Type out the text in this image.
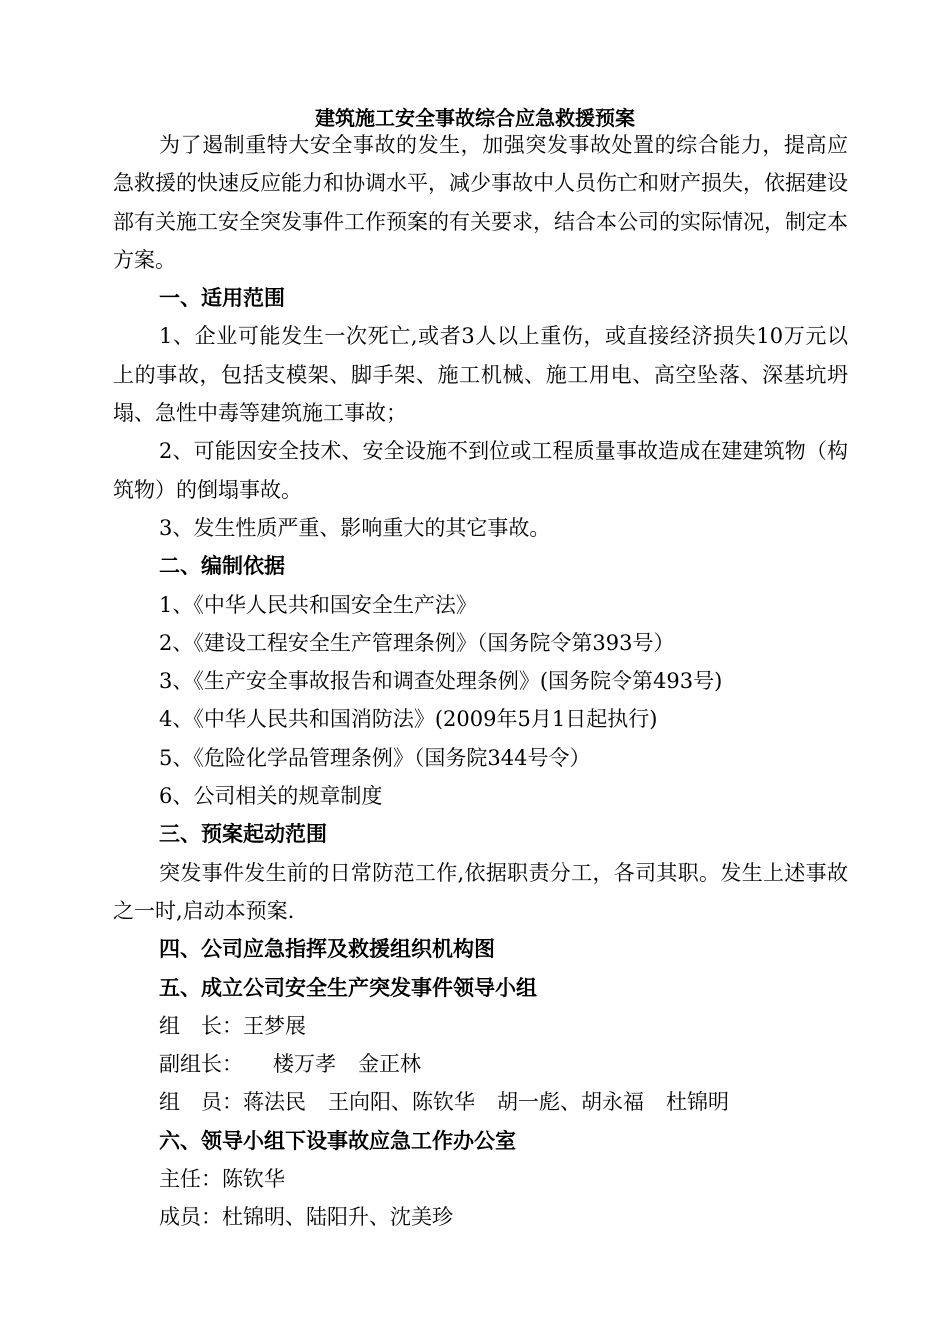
建筑施工安全事故综合应急救援预案

为了遏制重特大安全事故的发生，加强突发事故处置的综合能力，提高应急救援的快速反应能力和协调水平，减少事故中人员伤亡和财产损失，依据建设部有关施工安全突发事件工作预案的有关要求，结合本公司的实际情况，制定本方案。

一、适用范围

1、企业可能发生一次死亡,或者3人以上重伤，或直接经济损失10万元以上的事故，包括支模架、脚手架、施工机械、施工用电、高空坠落、深基坑坍塌、急性中毒等建筑施工事故；

2、可能因安全技术、安全设施不到位或工程质量事故造成在建建筑物（构筑物）的倒塌事故。

3、发生性质严重、影响重大的其它事故。

二、编制依据

1、《中华人民共和国安全生产法》

2、《建设工程安全生产管理条例》（国务院令第393号）

3、《生产安全事故报告和调查处理条例》(国务院令第493号)

4、《中华人民共和国消防法》(2009年5月1日起执行)

5、《危险化学品管理条例》（国务院344号令）

6、公司相关的规章制度

三、预案起动范围

突发事件发生前的日常防范工作,依据职责分工，各司其职。发生上述事故之一时,启动本预案.

四、公司应急指挥及救援组织机构图

五、成立公司安全生产突发事件领导小组

组　长：王梦展

副组长： 楼万孝 金正林

组　员：蒋法民 王向阳、陈钦华 胡一彪、胡永福 杜锦明

六、领导小组下设事故应急工作办公室

主任：陈钦华

成员：杜锦明、陆阳升、沈美珍
